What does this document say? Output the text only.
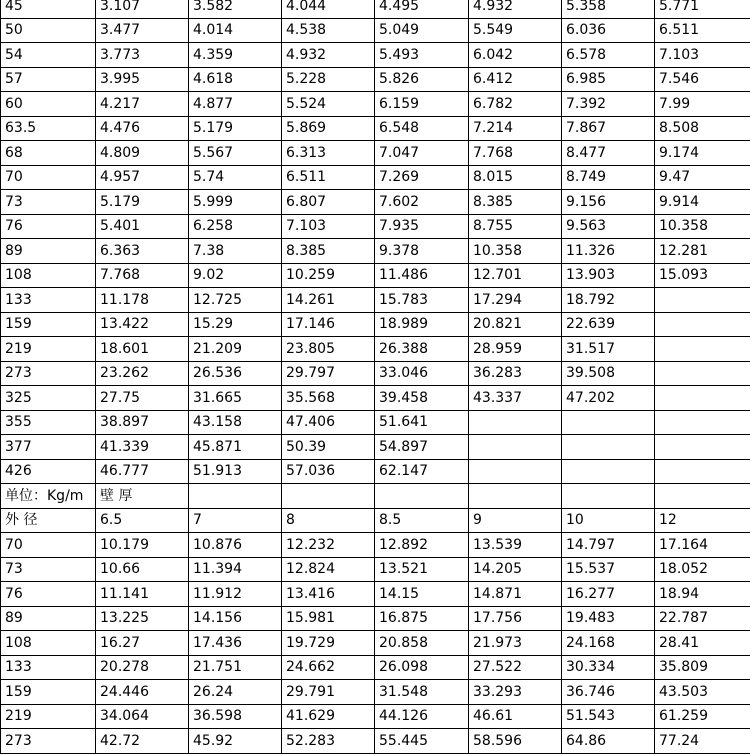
45	3.107	3.582	4.044	4.495	4.932	5.358	5.771
50	3.477	4.014	4.538	5.049	5.549	6.036	6.511
54	3.773	4.359	4.932	5.493	6.042	6.578	7.103
57	3.995	4.618	5.228	5.826	6.412	6.985	7.546
60	4.217	4.877	5.524	6.159	6.782	7.392	7.99
63.5	4.476	5.179	5.869	6.548	7.214	7.867	8.508
68	4.809	5.567	6.313	7.047	7.768	8.477	9.174
70	4.957	5.74	6.511	7.269	8.015	8.749	9.47
73	5.179	5.999	6.807	7.602	8.385	9.156	9.914
76	5.401	6.258	7.103	7.935	8.755	9.563	10.358
89	6.363	7.38	8.385	9.378	10.358	11.326	12.281
108	7.768	9.02	10.259	11.486	12.701	13.903	15.093
133	11.178	12.725	14.261	15.783	17.294	18.792	
159	13.422	15.29	17.146	18.989	20.821	22.639	
219	18.601	21.209	23.805	26.388	28.959	31.517	
273	23.262	26.536	29.797	33.046	36.283	39.508	
325	27.75	31.665	35.568	39.458	43.337	47.202	
355	38.897	43.158	47.406	51.641			
377	41.339	45.871	50.39	54.897			
426	46.777	51.913	57.036	62.147			
单位：Kg/m	壁 厚						
外 径	6.5	7	8	8.5	9	10	12
70	10.179	10.876	12.232	12.892	13.539	14.797	17.164
73	10.66	11.394	12.824	13.521	14.205	15.537	18.052
76	11.141	11.912	13.416	14.15	14.871	16.277	18.94
89	13.225	14.156	15.981	16.875	17.756	19.483	22.787
108	16.27	17.436	19.729	20.858	21.973	24.168	28.41
133	20.278	21.751	24.662	26.098	27.522	30.334	35.809
159	24.446	26.24	29.791	31.548	33.293	36.746	43.503
219	34.064	36.598	41.629	44.126	46.61	51.543	61.259
273	42.72	45.92	52.283	55.445	58.596	64.86	77.24
